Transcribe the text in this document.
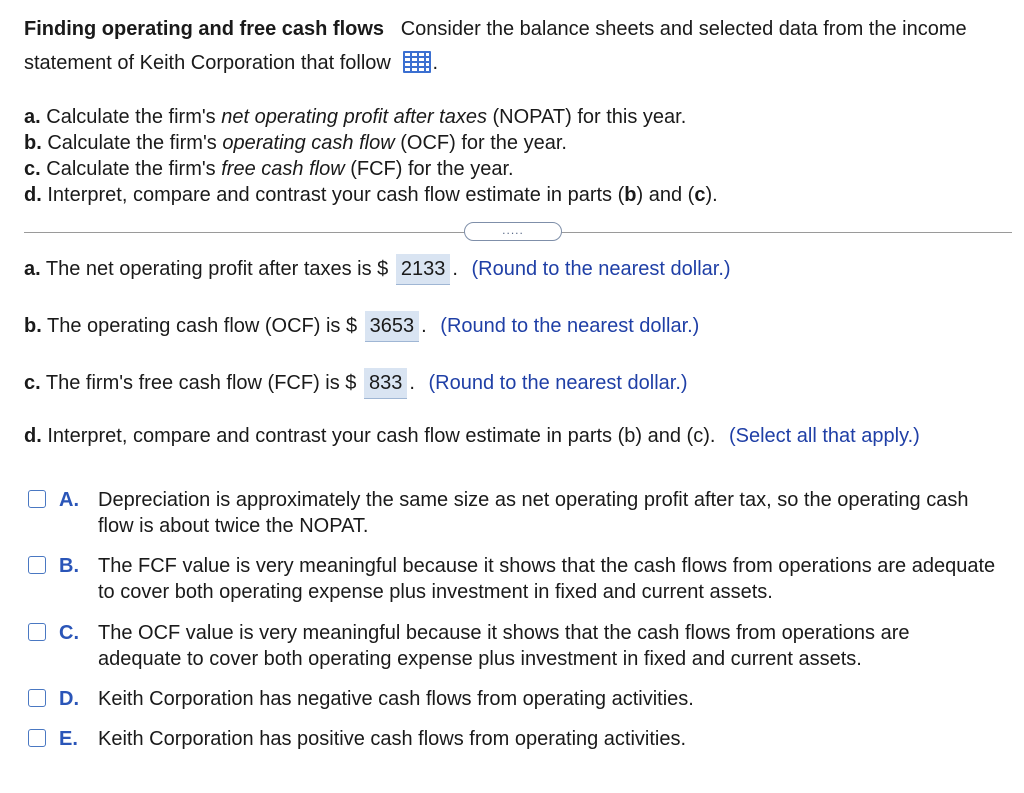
Finding operating and free cash flows Consider the balance sheets and selected data from the income statement of Keith Corporation that follow .
a. Calculate the firm's net operating profit after taxes (NOPAT) for this year.
b. Calculate the firm's operating cash flow (OCF) for the year.
c. Calculate the firm's free cash flow (FCF) for the year.
d. Interpret, compare and contrast your cash flow estimate in parts (b) and (c).
.....
a. The net operating profit after taxes is $ 2133 . (Round to the nearest dollar.)
b. The operating cash flow (OCF) is $ 3653 . (Round to the nearest dollar.)
c. The firm's free cash flow (FCF) is $ 833 . (Round to the nearest dollar.)
d. Interpret, compare and contrast your cash flow estimate in parts (b) and (c). (Select all that apply.)
A. Depreciation is approximately the same size as net operating profit after tax, so the operating cash flow is about twice the NOPAT.
B. The FCF value is very meaningful because it shows that the cash flows from operations are adequate to cover both operating expense plus investment in fixed and current assets.
C. The OCF value is very meaningful because it shows that the cash flows from operations are adequate to cover both operating expense plus investment in fixed and current assets.
D. Keith Corporation has negative cash flows from operating activities.
E. Keith Corporation has positive cash flows from operating activities.
